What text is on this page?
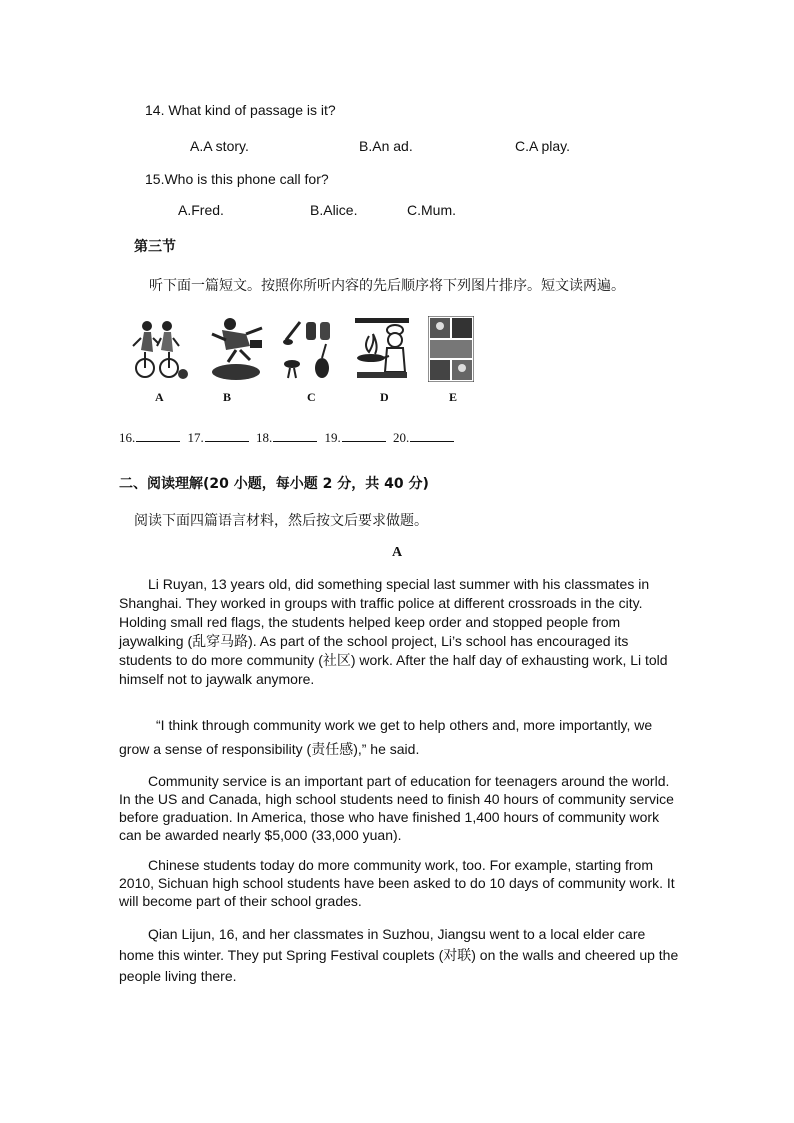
14. What kind of passage is it?
A.A story.	B.An ad.	C.A play.
15.Who is this phone call for?
A.Fred.	B.Alice.	C.Mum.
第三节
听下面一篇短文。按照你所听内容的先后顺序将下列图片排序。短文读两遍。
A	B	C	D	E
16.	17.	18.	19.	20.
二、阅读理解(20 小题，每小题 2 分，共 40 分)
阅读下面四篇语言材料，然后按文后要求做题。
A

Li Ruyan, 13 years old, did something special last summer with his classmates in Shanghai. They worked in groups with traffic police at different crossroads in the city. Holding small red flags, the students helped keep order and stopped people from jaywalking (乱穿马路). As part of the school project, Li’s school has encouraged its students to do more community (社区) work. After the half day of exhausting work, Li told himself not to jaywalk anymore.

“I think through community work we get to help others and, more importantly, we grow a sense of responsibility (责任感),” he said.

Community service is an important part of education for teenagers around the world. In the US and Canada, high school students need to finish 40 hours of community service before graduation. In America, those who have finished 1,400 hours of community work can be awarded nearly $5,000 (33,000 yuan).

Chinese students today do more community work, too. For example, starting from 2010, Sichuan high school students have been asked to do 10 days of community work. It will become part of their school grades.

Qian Lijun, 16, and her classmates in Suzhou, Jiangsu went to a local elder care home this winter. They put Spring Festival couplets (对联) on the walls and cheered up the people living there.
